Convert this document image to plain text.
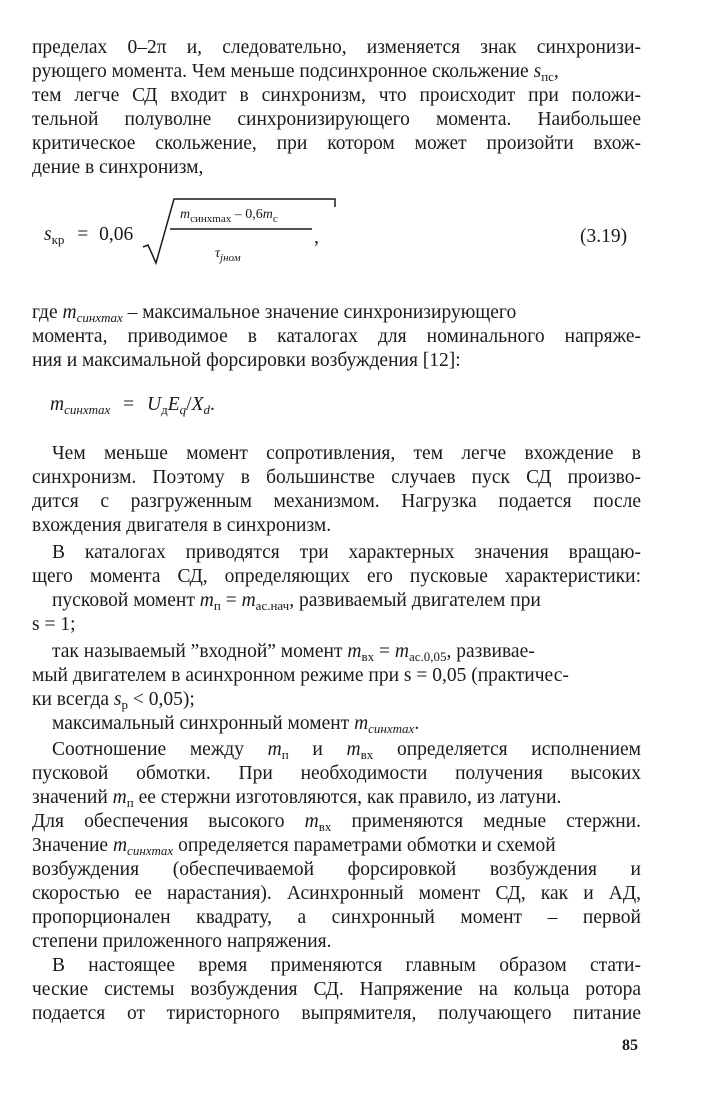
пределах 0–2π и, следовательно, изменяется знак синхронизи-
рующего момента. Чем меньше подсинхронное скольжение $s_{пс}$,
тем легче СД входит в синхронизм, что происходит при положи-
тельной полуволне синхронизирующего момента. Наибольшее
критическое скольжение, при котором может произойти вхож-
дение в синхронизм,
$s_{кр} = 0,06$
$m_{синхmax} - 0,6m_с$
$\tau_{jном}$
,	(3.19)
где $m_{синхmax}$ – максимальное значение синхронизирующего
момента, приводимое в каталогах для номинального напряже-
ния и максимальной форсировки возбуждения [12]:
$m_{синхmax} = U_дE_q/X_d$.
Чем меньше момент сопротивления, тем легче вхождение в
синхронизм. Поэтому в большинстве случаев пуск СД произво-
дится с разгруженным механизмом. Нагрузка подается после
вхождения двигателя в синхронизм.
В каталогах приводятся три характерных значения вращаю-
щего момента СД, определяющих его пусковые характеристики:
пусковой момент $m_п = m_{ас.нач}$, развиваемый двигателем при
s = 1;
так называемый ”входной” момент $m_{вх} = m_{ас.0,05}$, развивае-
мый двигателем в асинхронном режиме при s = 0,05 (практичес-
ки всегда $s_р < 0,05$);
максимальный синхронный момент $m_{синхmax}$.
Соотношение между $m_п$ и $m_{вх}$ определяется исполнением
пусковой обмотки. При необходимости получения высоких
значений $m_п$ ее стержни изготовляются, как правило, из латуни.
Для обеспечения высокого $m_{вх}$ применяются медные стержни.
Значение $m_{синхmax}$ определяется параметрами обмотки и схемой
возбуждения (обеспечиваемой форсировкой возбуждения и
скоростью ее нарастания). Асинхронный момент СД, как и АД,
пропорционален квадрату, а синхронный момент – первой
степени приложенного напряжения.
В настоящее время применяются главным образом стати-
ческие системы возбуждения СД. Напряжение на кольца ротора
подается от тиристорного выпрямителя, получающего питание
85
